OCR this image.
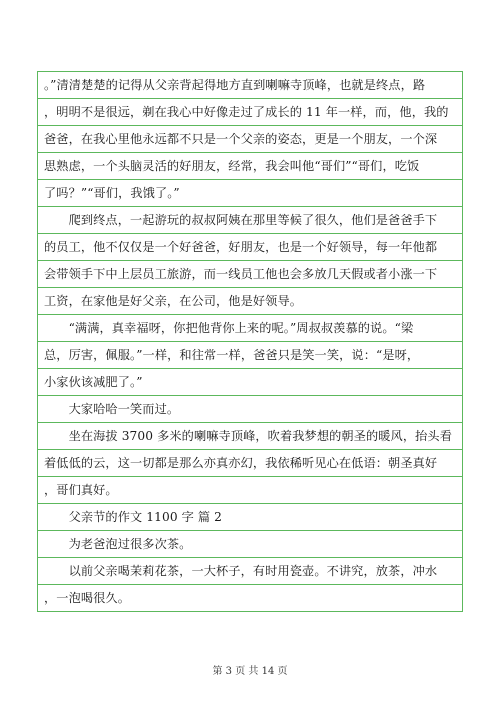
。”清清楚楚的记得从父亲背起得地方直到喇嘛寺顶峰，也就是终点，路
，明明不是很远，剃在我心中好像走过了成长的 11 年一样，而，他，我的
爸爸，在我心里他永远都不只是一个父亲的姿态，更是一个朋友，一个深
思熟虑，一个头脑灵活的好朋友，经常，我会叫他“哥们”“哥们，吃饭
了吗？”“哥们，我饿了。”
　　爬到终点，一起游玩的叔叔阿姨在那里等候了很久，他们是爸爸手下
的员工，他不仅仅是一个好爸爸，好朋友，也是一个好领导，每一年他都
会带领手下中上层员工旅游，而一线员工他也会多放几天假或者小涨一下
工资，在家他是好父亲，在公司，他是好领导。
　　“满满，真幸福呀，你把他背你上来的呢。”周叔叔羡慕的说。“梁
总，厉害，佩服。”一样，和往常一样，爸爸只是笑一笑，说：“是呀，
小家伙该减肥了。”
　　大家哈哈一笑而过。
　　坐在海拔 3700 多米的喇嘛寺顶峰，吹着我梦想的朝圣的暖风，抬头看
着低低的云，这一切都是那么亦真亦幻，我依稀听见心在低语：朝圣真好
，哥们真好。
　　父亲节的作文 1100 字 篇 2
　　为老爸泡过很多次茶。
　　以前父亲喝茉莉花茶，一大杯子，有时用瓷壶。不讲究，放茶，冲水
，一泡喝很久。
第 3 页 共 14 页
